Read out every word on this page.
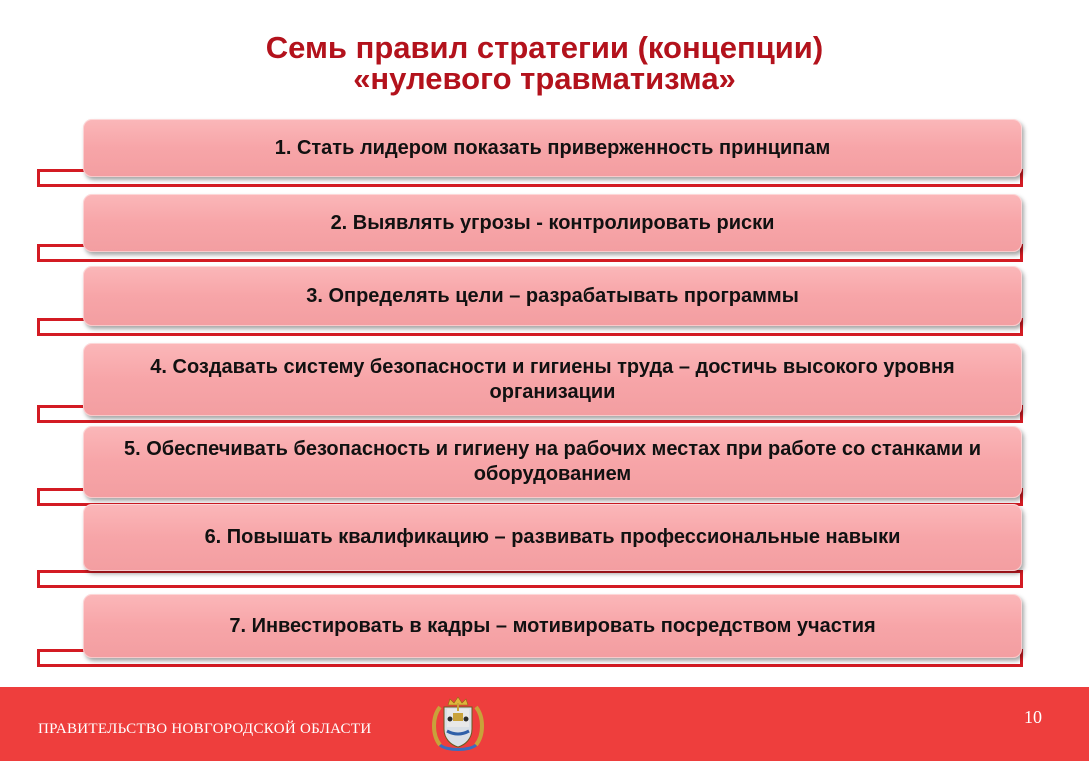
Семь правил стратегии (концепции)
«нулевого травматизма»
1. Стать лидером показать приверженность принципам
2. Выявлять угрозы - контролировать риски
3. Определять цели – разрабатывать программы
4. Создавать систему безопасности и гигиены труда – достичь высокого уровня организации
5. Обеспечивать безопасность и гигиену на рабочих местах при работе со станками и оборудованием
6. Повышать квалификацию – развивать профессиональные навыки
7. Инвестировать в кадры – мотивировать посредством участия
ПРАВИТЕЛЬСТВО НОВГОРОДСКОЙ ОБЛАСТИ
10
